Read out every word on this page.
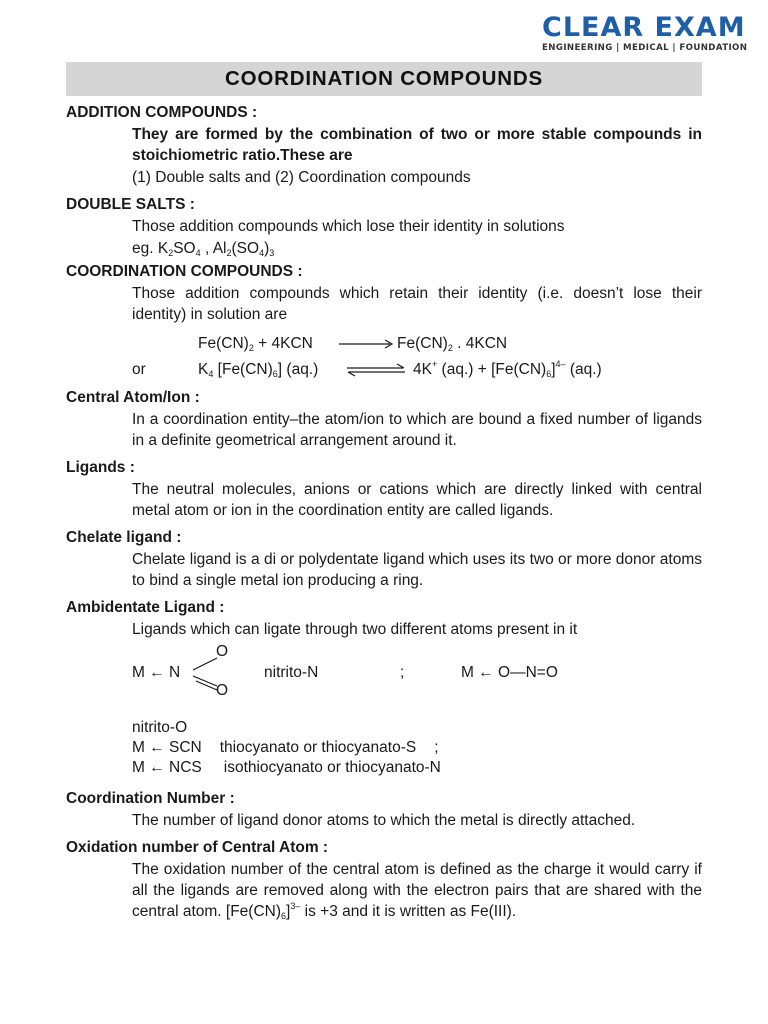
CLEAR EXAM
ENGINEERING | MEDICAL | FOUNDATION
COORDINATION COMPOUNDS

ADDITION COMPOUNDS :

They are formed by the combination of two or more stable compounds in stoichiometric ratio.These are
(1) Double salts and (2) Coordination compounds

DOUBLE SALTS :

Those addition compounds which lose their identity in solutions
eg. $K_2SO_4$ , $Al_2(SO_4)_3$

COORDINATION COMPOUNDS :

Those addition compounds which retain their identity (i.e. doesn’t lose their identity) in solution are
$Fe(CN)_2 + 4KCN \to Fe(CN)_2$ . 4KCN
or	$K_4$ $[Fe(CN)_6]$ (aq.) ⇌ 4K+ $(aq.) + [Fe(CN)_6]^{4-}$ (aq.)

Central Atom/Ion :

In a coordination entity–the atom/ion to which are bound a fixed number of ligands in a definite geometrical arrangement around it.

Ligands :

The neutral molecules, anions or cations which are directly linked with central metal atom or ion in the coordination entity are called ligands.

Chelate ligand :

Chelate ligand is a di or polydentate ligand which uses its two or more donor atoms to bind a single metal ion producing a ring.

Ambidentate Ligand :

Ligands which can ligate through two different atoms present in it
M ← N
O
O
nitrito-N	;	M ← O—N=O
nitrito-O
M ← SCN thiocyanato or thiocyanato-S ;
M ← NCS isothiocyanato or thiocyanato-N

Coordination Number :

The number of ligand donor atoms to which the metal is directly attached.

Oxidation number of Central Atom :

The oxidation number of the central atom is defined as the charge it would carry if all the ligands are removed along with the electron pairs that are shared with the central atom. $[Fe(CN)_6]^{3-}$ is +3 and it is written as Fe(III).
